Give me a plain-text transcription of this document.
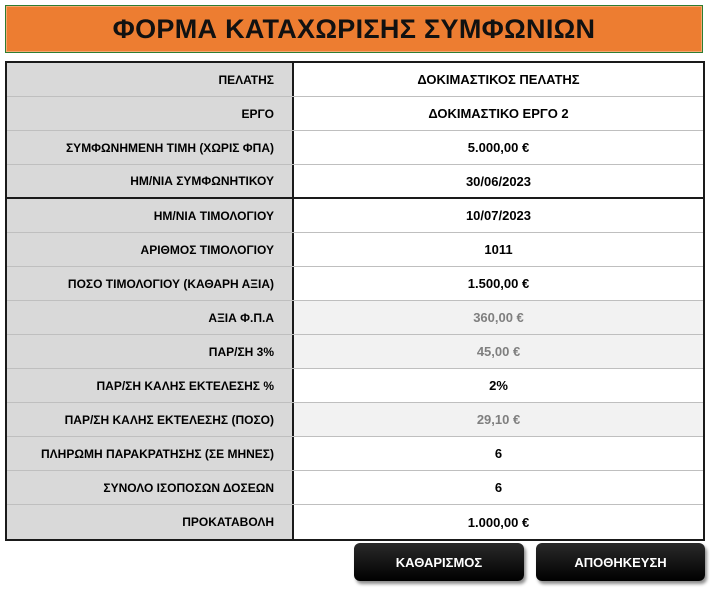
ΦΟΡΜΑ ΚΑΤΑΧΩΡΙΣΗΣ ΣΥΜΦΩΝΙΩΝ
ΠΕΛΑΤΗΣ	ΔΟΚΙΜΑΣΤΙΚΟΣ ΠΕΛΑΤΗΣ
ΕΡΓΟ	ΔΟΚΙΜΑΣΤΙΚΟ ΕΡΓΟ 2
ΣΥΜΦΩΝΗΜΕΝΗ ΤΙΜΗ (ΧΩΡΙΣ ΦΠΑ)	5.000,00 €
ΗΜ/ΝΙΑ ΣΥΜΦΩΝΗΤΙΚΟΥ	30/06/2023
ΗΜ/ΝΙΑ ΤΙΜΟΛΟΓΙΟΥ	10/07/2023
ΑΡΙΘΜΟΣ ΤΙΜΟΛΟΓΙΟΥ	1011
ΠΟΣΟ ΤΙΜΟΛΟΓΙΟΥ (ΚΑΘΑΡΗ ΑΞΙΑ)	1.500,00 €
ΑΞΙΑ Φ.Π.Α	360,00 €
ΠΑΡ/ΣΗ 3%	45,00 €
ΠΑΡ/ΣΗ ΚΑΛΗΣ ΕΚΤΕΛΕΣΗΣ %	2%
ΠΑΡ/ΣΗ ΚΑΛΗΣ ΕΚΤΕΛΕΣΗΣ (ΠΟΣΟ)	29,10 €
ΠΛΗΡΩΜΗ ΠΑΡΑΚΡΑΤΗΣΗΣ (ΣΕ ΜΗΝΕΣ)	6
ΣΥΝΟΛΟ ΙΣΟΠΟΣΩΝ ΔΟΣΕΩΝ	6
ΠΡΟΚΑΤΑΒΟΛΗ	1.000,00 €
ΚΑΘΑΡΙΣΜΟΣ	ΑΠΟΘΗΚΕΥΣΗ
